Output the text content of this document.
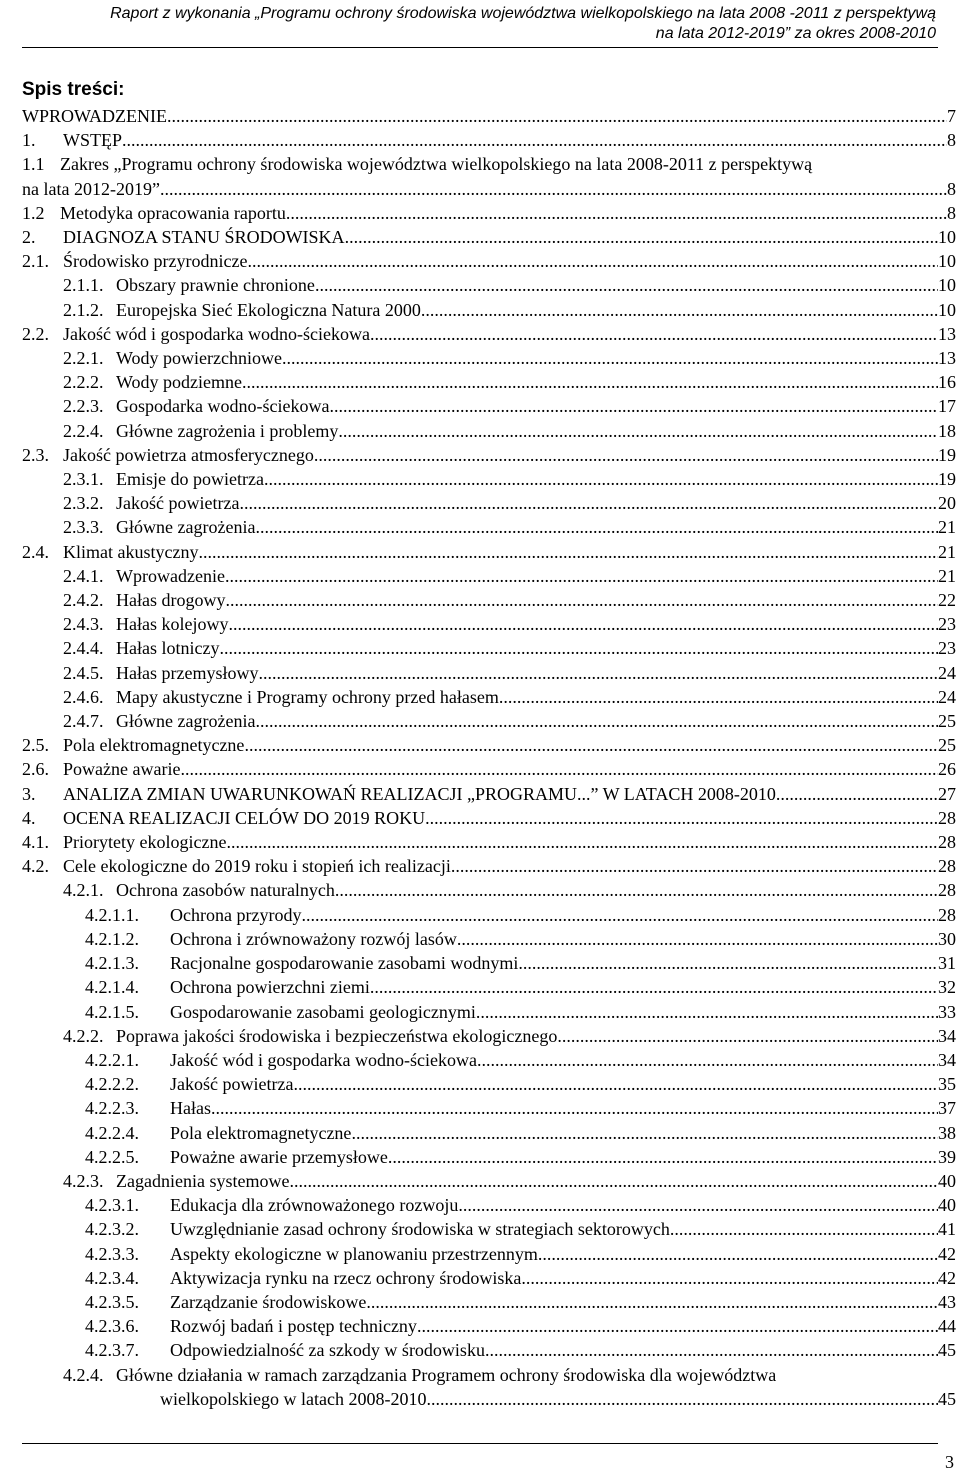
Raport z wykonania „Programu ochrony środowiska województwa wielkopolskiego na lata 2008 -2011 z perspektywą
na lata 2012-2019” za okres 2008-2010
Spis treści:
WPROWADZENIE .....	7
1.	WSTĘP .....	8
1.1 Zakres „Programu ochrony środowiska województwa wielkopolskiego na lata 2008-2011 z perspektywą
na lata 2012-2019” .....	8
1.2 Metodyka opracowania raportu .....	8
2.	DIAGNOZA STANU ŚRODOWISKA .....	10
2.1. Środowisko przyrodnicze .....	10
2.1.1. Obszary prawnie chronione .....	10
2.1.2. Europejska Sieć Ekologiczna Natura 2000 .....	10
2.2. Jakość wód i gospodarka wodno-ściekowa .....	13
2.2.1. Wody powierzchniowe .....	13
2.2.2. Wody podziemne .....	16
2.2.3. Gospodarka wodno-ściekowa .....	17
2.2.4. Główne zagrożenia i problemy .....	18
2.3. Jakość powietrza atmosferycznego .....	19
2.3.1. Emisje do powietrza .....	19
2.3.2. Jakość powietrza .....	20
2.3.3. Główne zagrożenia .....	21
2.4. Klimat akustyczny .....	21
2.4.1. Wprowadzenie .....	21
2.4.2. Hałas drogowy .....	22
2.4.3. Hałas kolejowy .....	23
2.4.4. Hałas lotniczy .....	23
2.4.5. Hałas przemysłowy .....	24
2.4.6. Mapy akustyczne i Programy ochrony przed hałasem .....	24
2.4.7. Główne zagrożenia .....	25
2.5. Pola elektromagnetyczne .....	25
2.6. Poważne awarie .....	26
3.	ANALIZA ZMIAN UWARUNKOWAŃ REALIZACJI „PROGRAMU...” W LATACH 2008-2010 .....	27
4.	OCENA REALIZACJI CELÓW DO 2019 ROKU .....	28
4.1. Priorytety ekologiczne .....	28
4.2. Cele ekologiczne do 2019 roku i stopień ich realizacji .....	28
4.2.1. Ochrona zasobów naturalnych .....	28
4.2.1.1.	Ochrona przyrody .....	28
4.2.1.2.	Ochrona i zrównoważony rozwój lasów .....	30
4.2.1.3.	Racjonalne gospodarowanie zasobami wodnymi .....	31
4.2.1.4.	Ochrona powierzchni ziemi .....	32
4.2.1.5.	Gospodarowanie zasobami geologicznymi .....	33
4.2.2. Poprawa jakości środowiska i bezpieczeństwa ekologicznego .....	34
4.2.2.1.	Jakość wód i gospodarka wodno-ściekowa .....	34
4.2.2.2.	Jakość powietrza .....	35
4.2.2.3.	Hałas .....	37
4.2.2.4.	Pola elektromagnetyczne .....	38
4.2.2.5.	Poważne awarie przemysłowe .....	39
4.2.3. Zagadnienia systemowe .....	40
4.2.3.1.	Edukacja dla zrównoważonego rozwoju .....	40
4.2.3.2.	Uwzględnianie zasad ochrony środowiska w strategiach sektorowych .....	41
4.2.3.3.	Aspekty ekologiczne w planowaniu przestrzennym .....	42
4.2.3.4.	Aktywizacja rynku na rzecz ochrony środowiska .....	42
4.2.3.5.	Zarządzanie środowiskowe .....	43
4.2.3.6.	Rozwój badań i postęp techniczny .....	44
4.2.3.7.	Odpowiedzialność za szkody w środowisku .....	45
4.2.4. Główne działania w ramach zarządzania Programem ochrony środowiska dla województwa
wielkopolskiego w latach 2008-2010 .....	45
3
